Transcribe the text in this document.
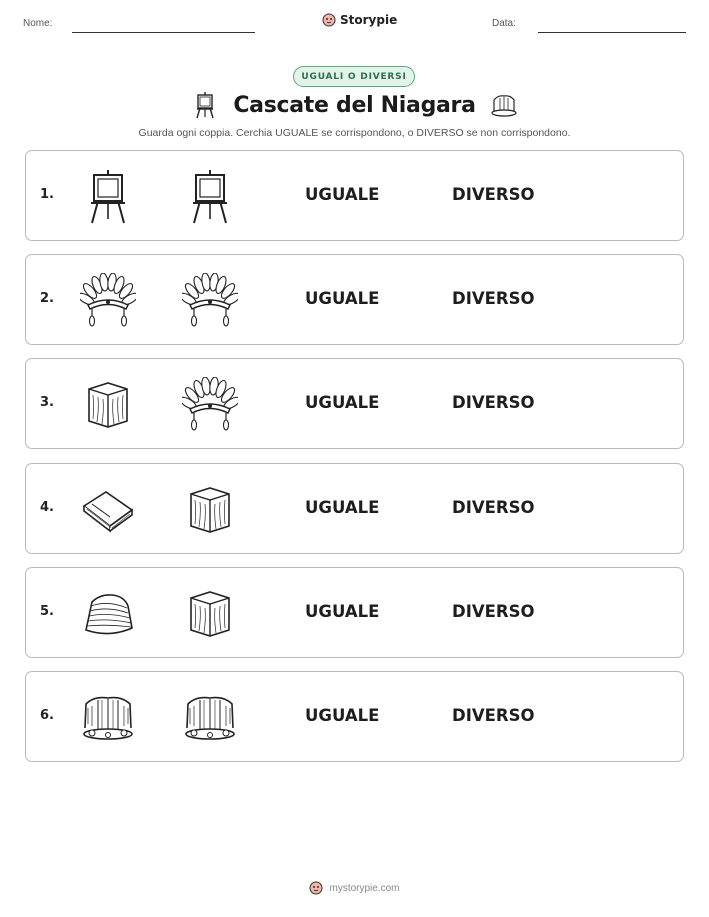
Nome:	Storypie	Data:
UGUALI O DIVERSI
Cascate del Niagara
Guarda ogni coppia. Cerchia UGUALE se corrispondono, o DIVERSO se non corrispondono.
1.	UGUALE	DIVERSO
2.	UGUALE	DIVERSO
3.	UGUALE	DIVERSO
4.	UGUALE	DIVERSO
5.	UGUALE	DIVERSO
6.	UGUALE	DIVERSO
mystorypie.com
